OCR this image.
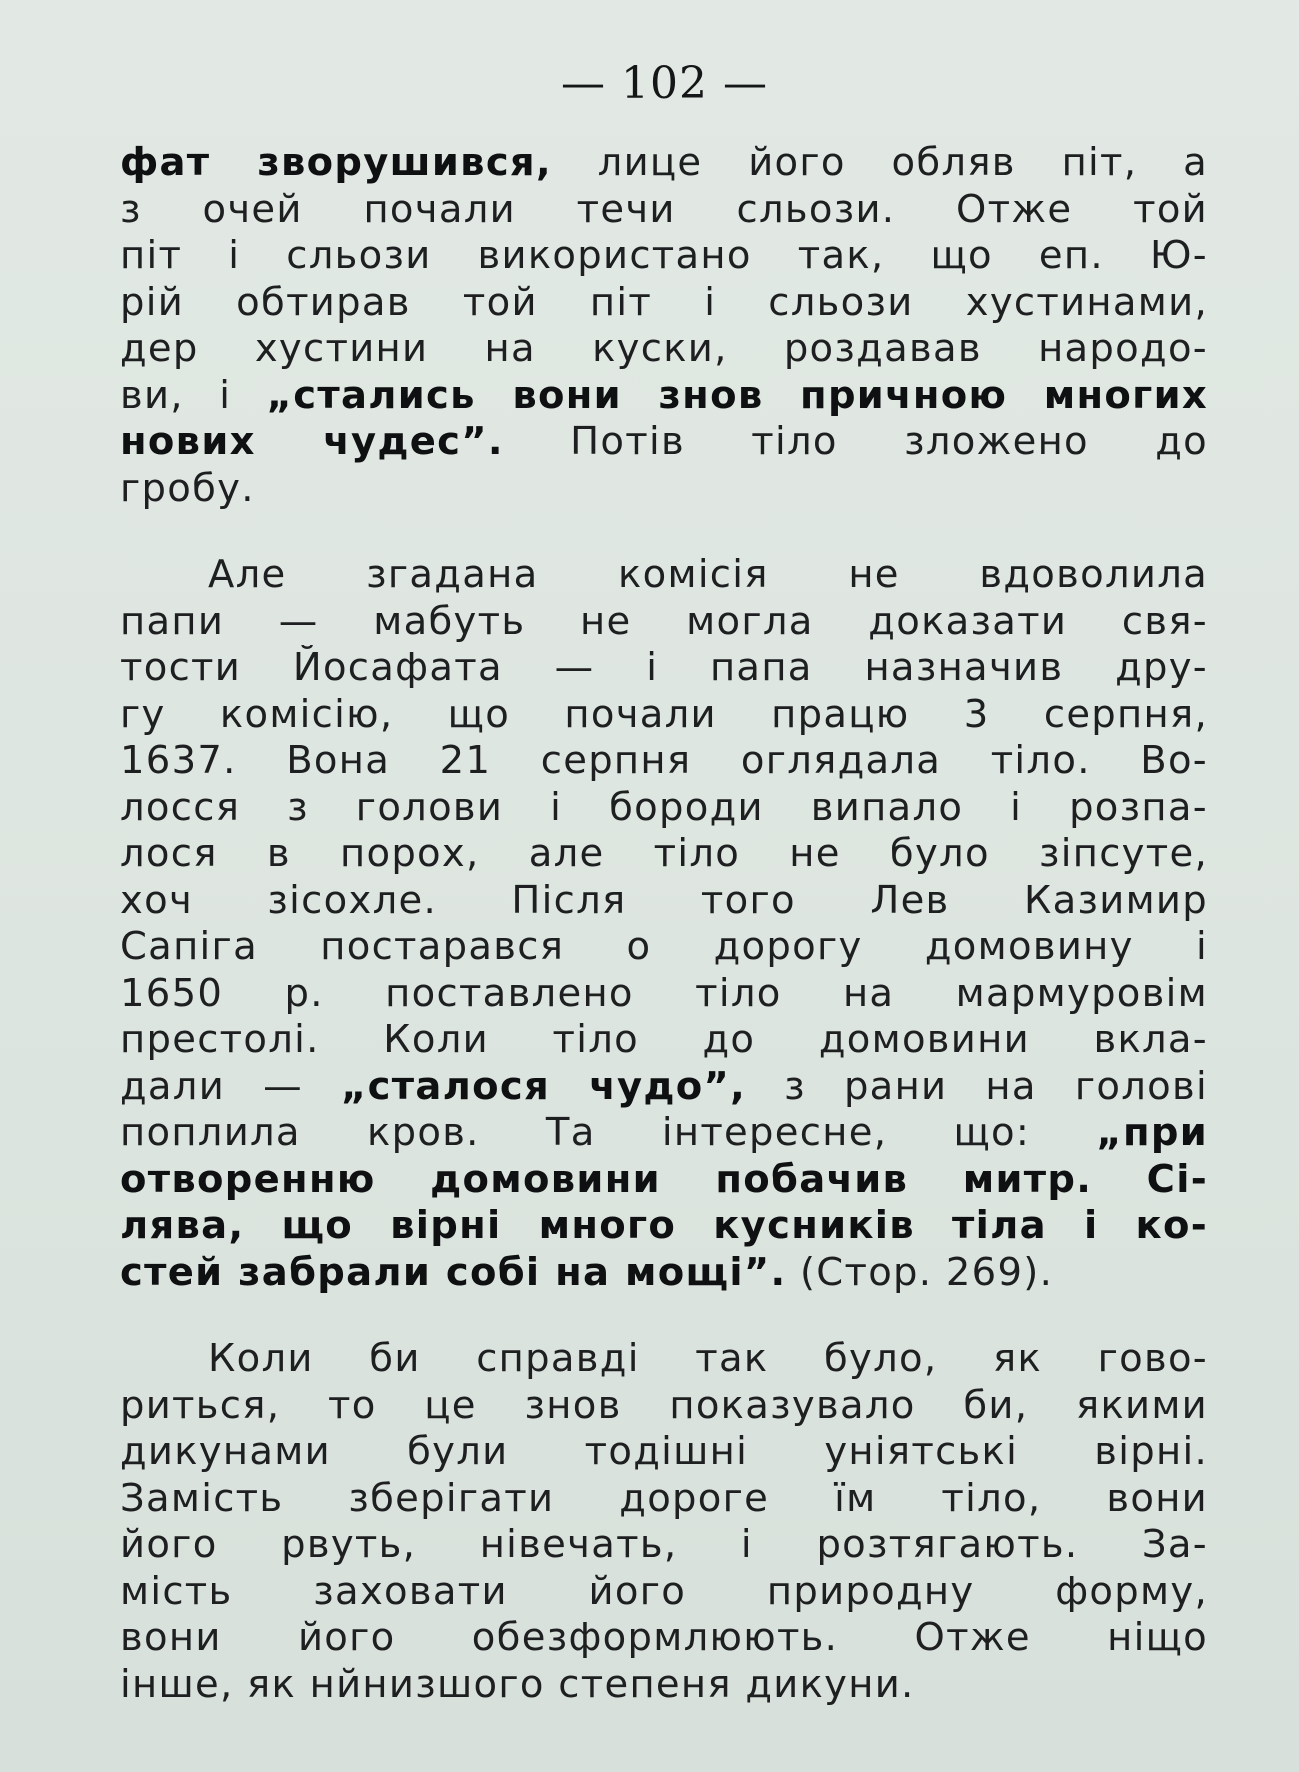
— 102 —
фат зворушився, лице його обляв піт, а
з очей почали течи сльози. Отже той
піт і сльози використано так, що еп. Ю-
рій обтирав той піт і сльози хустинами,
дер хустини на куски, роздавав народо-
ви, і „стались вони знов причною многих
нових чудес”. Потів тіло зложено до
гробу.
Але згадана комісія не вдоволила
папи — мабуть не могла доказати свя-
тости Йосафата — і папа назначив дру-
гу комісію, що почали працю 3 серпня,
1637. Вона 21 серпня оглядала тіло. Во-
лосся з голови і бороди випало і розпа-
лося в порох, але тіло не було зіпсуте,
хоч зісохле. Після того Лев Казимир
Сапіга постарався о дорогу домовину і
1650 р. поставлено тіло на мармуровім
престолі. Коли тіло до домовини вкла-
дали — „сталося чудо”, з рани на голові
поплила кров. Та інтересне, що: „при
отворенню домовини побачив митр. Сі-
лява, що вірні много кусників тіла і ко-
стей забрали собі на мощі”. (Стор. 269).
Коли би справді так було, як гово-
риться, то це знов показувало би, якими
дикунами були тодішні уніятські вірні.
Замість зберігати дороге їм тіло, вони
його рвуть, нівечать, і розтягають. За-
мість заховати його природну форму,
вони його обезформлюють. Отже ніщо
інше, як нйнизшого степеня дикуни.
